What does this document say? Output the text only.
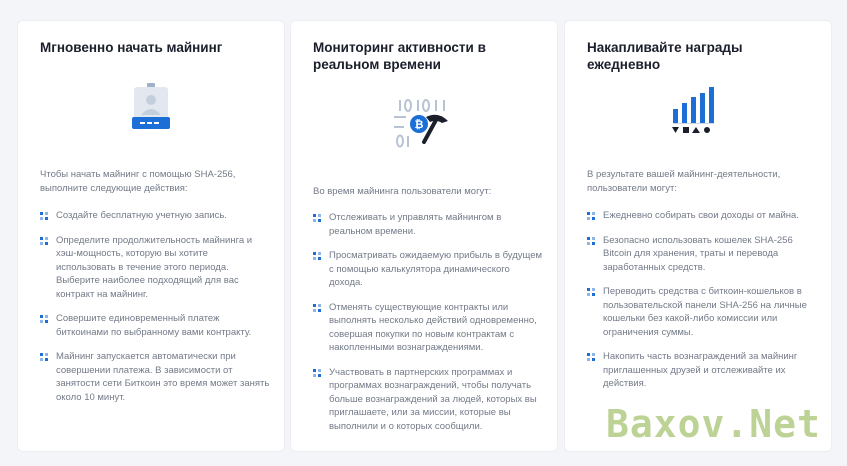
Мгновенно начать майнинг

Чтобы начать майнинг с помощью SHA-256, выполните следующие действия:

Создайте бесплатную учетную запись.
Определите продолжительность майнинга и хэш-мощность, которую вы хотите использовать в течение этого периода. Выберите наиболее подходящий для вас контракт на майнинг.
Совершите единовременный платеж биткоинами по выбранному вами контракту.
Майнинг запускается автоматически при совершении платежа. В зависимости от занятости сети Биткоин это время может занять около 10 минут.
Мониторинг активности в реальном времени
₿

Во время майнинга пользователи могут:

Отслеживать и управлять майнингом в реальном времени.
Просматривать ожидаемую прибыль в будущем с помощью калькулятора динамического дохода.
Отменять существующие контракты или выполнять несколько действий одновременно, совершая покупки по новым контрактам с накопленными вознаграждениями.
Участвовать в партнерских программах и программах вознаграждений, чтобы получать больше вознаграждений за людей, которых вы приглашаете, или за миссии, которые вы выполнили и о которых сообщили.
Накапливайте награды ежедневно

В результате вашей майнинг-деятельности, пользователи могут:

Ежедневно собирать свои доходы от майна.
Безопасно использовать кошелек SHA-256 Bitcoin для хранения, траты и перевода заработанных средств.
Переводить средства с биткоин-кошельков в пользовательской панели SHA-256 на личные кошельки без какой-либо комиссии или ограничения суммы.
Накопить часть вознаграждений за майнинг приглашенных друзей и отслеживайте их действия.
Baxov.Net
